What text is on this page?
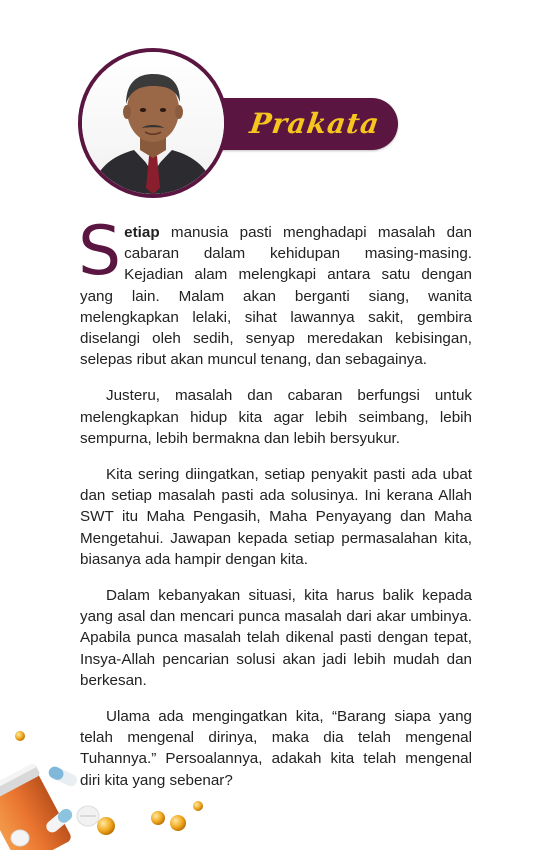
Prakata

Setiap manusia pasti menghadapi masalah dan cabaran dalam kehidupan masing-masing. Kejadian alam melengkapi antara satu dengan yang lain. Malam akan berganti siang, wanita melengkapkan lelaki, sihat lawannya sakit, gembira diselangi oleh sedih, senyap meredakan kebisingan, selepas ribut akan muncul tenang, dan sebagainya.

Justeru, masalah dan cabaran berfungsi untuk melengkapkan hidup kita agar lebih seimbang, lebih sempurna, lebih bermakna dan lebih bersyukur.

Kita sering diingatkan, setiap penyakit pasti ada ubat dan setiap masalah pasti ada solusinya. Ini kerana Allah SWT itu Maha Pengasih, Maha Penyayang dan Maha Mengetahui. Jawapan kepada setiap permasalahan kita, biasanya ada hampir dengan kita.

Dalam kebanyakan situasi, kita harus balik kepada yang asal dan mencari punca masalah dari akar umbinya. Apabila punca masalah telah dikenal pasti dengan tepat, Insya-Allah pencarian solusi akan jadi lebih mudah dan berkesan.

Ulama ada mengingatkan kita, “Barang siapa yang telah mengenal dirinya, maka dia telah mengenal Tuhannya.” Persoalannya, adakah kita telah mengenal diri kita yang sebenar?
